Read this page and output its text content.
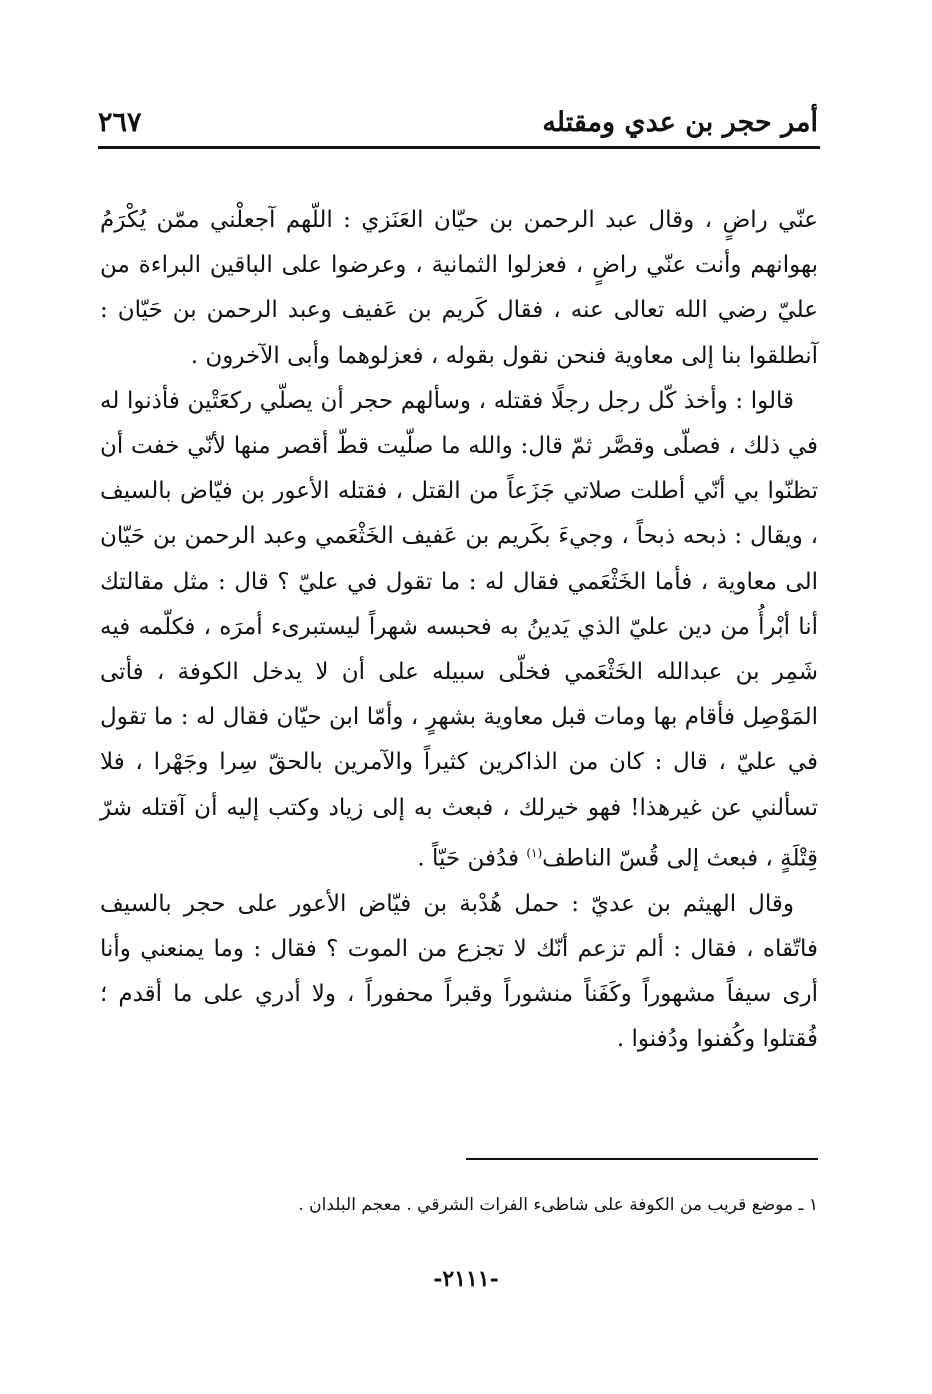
أمر حجر بن عدي ومقتله
٢٦٧

عنّي راضٍ ، وقال عبد الرحمن بن حيّان العَنَزي : اللّهم آجعلْني ممّن يُكْرَمُ بهوانهم وأنت عنّي راضٍ ، فعزلوا الثمانية ، وعرضوا على الباقين البراءة من عليّ رضي الله تعالى عنه ، فقال كَريم بن عَفيف وعبد الرحمن بن حَيّان : آنطلقوا بنا إلى معاوية فنحن نقول بقوله ، فعزلوهما وأبى الآخرون .

قالوا : وأخذ كّل رجل رجلًا فقتله ، وسألهم حجر أن يصلّي ركعَتْين فأذنوا له في ذلك ، فصلّى وقصَّر ثمّ قال: والله ما صلّيت قطّ أقصر منها لأنّي خفت أن تظنّوا بي أنّي أطلت صلاتي جَزَعاً من القتل ، فقتله الأعور بن فيّاض بالسيف ، ويقال : ذبحه ذبحاً ، وجيءَ بكَريم بن عَفيف الخَثْعَمي وعبد الرحمن بن حَيّان الى معاوية ، فأما الخَثْعَمي فقال له : ما تقول في عليّ ؟ قال : مثل مقالتك أنا أبْرأُ من دين عليّ الذي يَدينُ به فحبسه شهراً ليستبرىء أمرَه ، فكلّمه فيه شَمِر بن عبدالله الخَثْعَمي فخلّى سبيله على أن لا يدخل الكوفة ، فأتى المَوْصِل فأقام بها ومات قبل معاوية بشهرٍ ، وأمّا ابن حيّان فقال له : ما تقول في عليّ ، قال : كان من الذاكرين كثيراً والآمرين بالحقّ سِرا وجَهْرا ، فلا تسألني عن غيرهذا! فهو خيرلك ، فبعث به إلى زياد وكتب إليه أن آقتله شرّ قِتْلَةٍ ، فبعث إلى قُسّ الناطف$^{(١)}$ فدُفن حَيّاً .

وقال الهيثم بن عديّ : حمل هُدْبة بن فيّاض الأعور على حجر بالسيف فاتّقاه ، فقال : ألم تزعم أنّك لا تجزع من الموت ؟ فقال : وما يمنعني وأنا أرى سيفاً مشهوراً وكَفَناً منشوراً وقبراً محفوراً ، ولا أدري على ما أقدم ؛ فُقتلوا وكُفنوا ودُفنوا .

١ ـ موضع قريب من الكوفة على شاطىء الفرات الشرقي . معجم البلدان .
-٢١١١-
